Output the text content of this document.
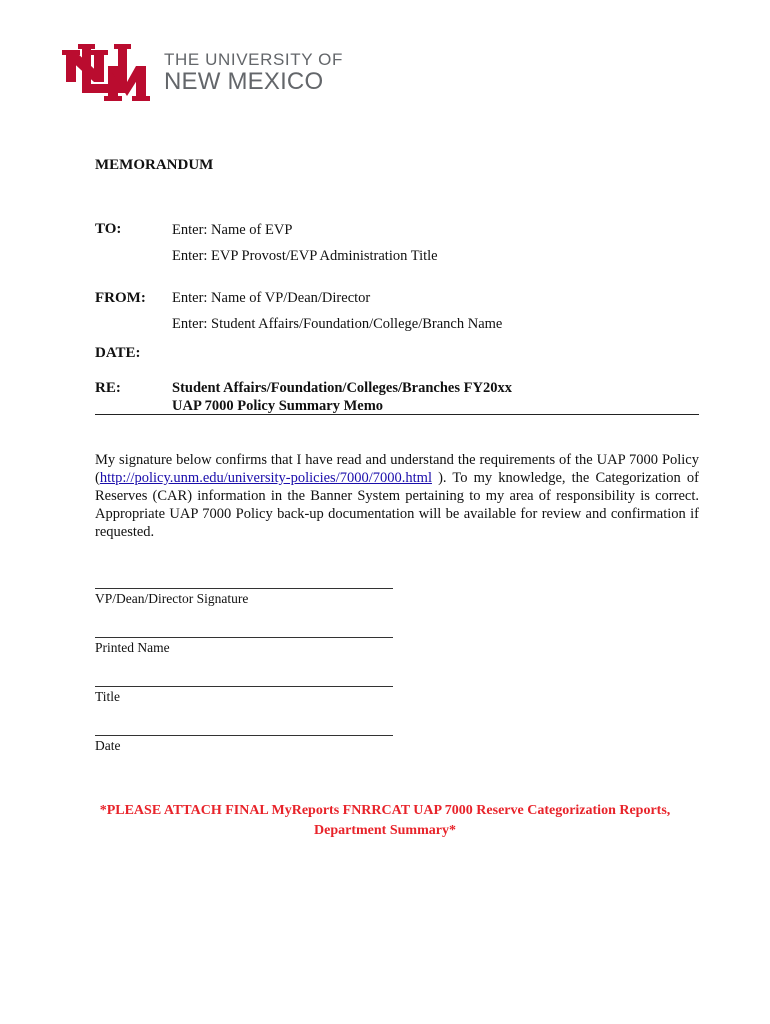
THE UNIVERSITY OF
NEW MEXICO
MEMORANDUM
TO:	Enter: Name of EVP
Enter: EVP Provost/EVP Administration Title
FROM: Enter: Name of VP/Dean/Director
Enter: Student Affairs/Foundation/College/Branch Name
DATE:
RE:	Student Affairs/Foundation/Colleges/Branches FY20xx
UAP 7000 Policy Summary Memo
My signature below confirms that I have read and understand the requirements of the UAP 7000 Policy (http://policy.unm.edu/university-policies/7000/7000.html ). To my knowledge, the Categorization of Reserves (CAR) information in the Banner System pertaining to my area of responsibility is correct. Appropriate UAP 7000 Policy back-up documentation will be available for review and confirmation if requested.
VP/Dean/Director Signature
Printed Name
Title
Date
*PLEASE ATTACH FINAL MyReports FNRRCAT UAP 7000 Reserve Categorization Reports,
Department Summary*
